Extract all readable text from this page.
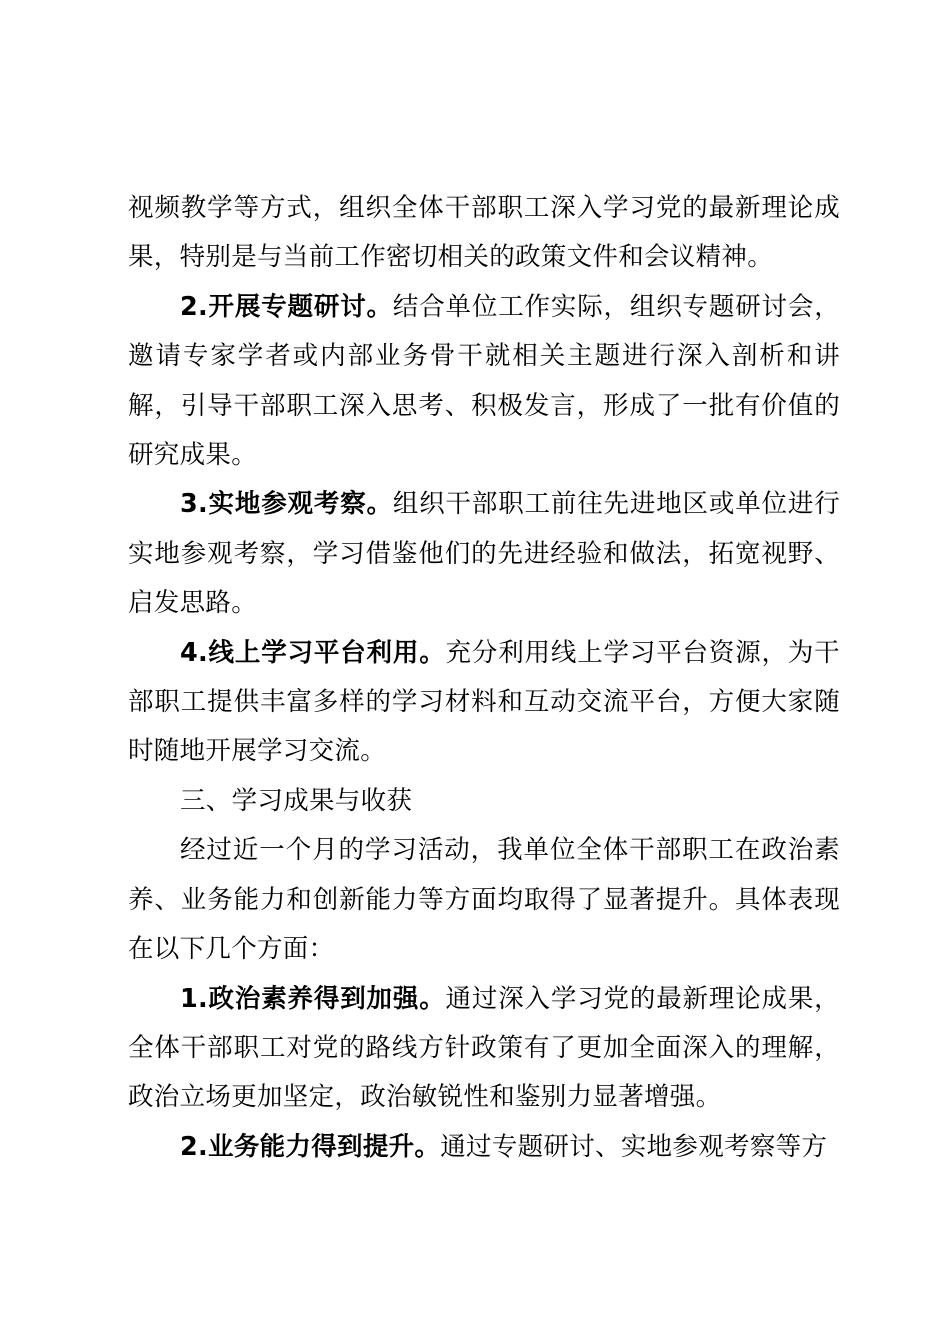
视频教学等方式，组织全体干部职工深入学习党的最新理论成果，特别是与当前工作密切相关的政策文件和会议精神。

2.开展专题研讨。结合单位工作实际，组织专题研讨会，邀请专家学者或内部业务骨干就相关主题进行深入剖析和讲解，引导干部职工深入思考、积极发言，形成了一批有价值的研究成果。

3.实地参观考察。组织干部职工前往先进地区或单位进行实地参观考察，学习借鉴他们的先进经验和做法，拓宽视野、启发思路。

4.线上学习平台利用。充分利用线上学习平台资源，为干部职工提供丰富多样的学习材料和互动交流平台，方便大家随时随地开展学习交流。

三、学习成果与收获

经过近一个月的学习活动，我单位全体干部职工在政治素养、业务能力和创新能力等方面均取得了显著提升。具体表现在以下几个方面：

1.政治素养得到加强。通过深入学习党的最新理论成果，全体干部职工对党的路线方针政策有了更加全面深入的理解，政治立场更加坚定，政治敏锐性和鉴别力显著增强。

2.业务能力得到提升。通过专题研讨、实地参观考察等方
